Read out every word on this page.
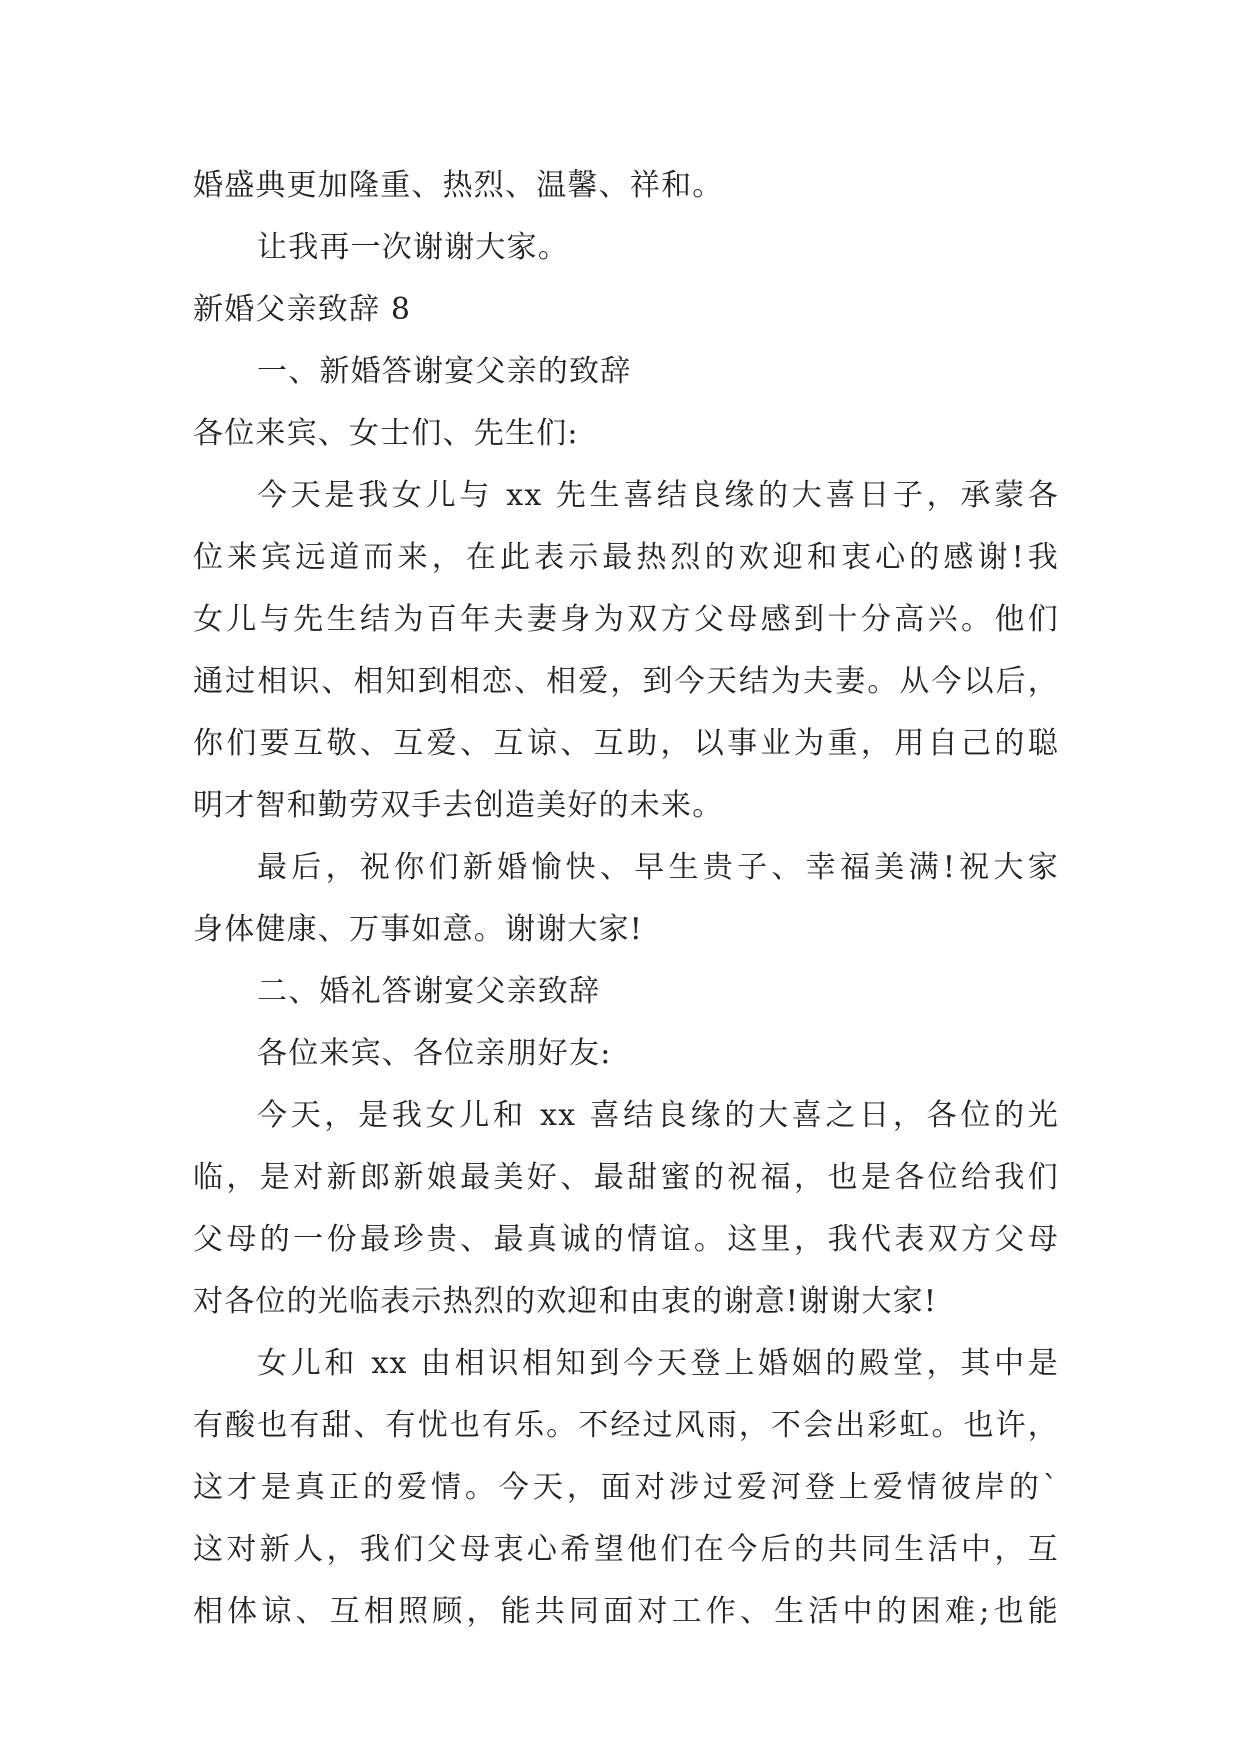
婚盛典更加隆重、热烈、温馨、祥和。

让我再一次谢谢大家。

新婚父亲致辞 8

一、新婚答谢宴父亲的致辞

各位来宾、女士们、先生们:

今天是我女儿与 xx 先生喜结良缘的大喜日子，承蒙各

位来宾远道而来，在此表示最热烈的欢迎和衷心的感谢!我

女儿与先生结为百年夫妻身为双方父母感到十分高兴。他们

通过相识、相知到相恋、相爱，到今天结为夫妻。从今以后，

你们要互敬、互爱、互谅、互助，以事业为重，用自己的聪

明才智和勤劳双手去创造美好的未来。

最后，祝你们新婚愉快、早生贵子、幸福美满!祝大家

身体健康、万事如意。谢谢大家!

二、婚礼答谢宴父亲致辞

各位来宾、各位亲朋好友:

今天，是我女儿和 xx 喜结良缘的大喜之日，各位的光

临，是对新郎新娘最美好、最甜蜜的祝福，也是各位给我们

父母的一份最珍贵、最真诚的情谊。这里，我代表双方父母

对各位的光临表示热烈的欢迎和由衷的谢意!谢谢大家!

女儿和 xx 由相识相知到今天登上婚姻的殿堂，其中是

有酸也有甜、有忧也有乐。不经过风雨，不会出彩虹。也许，

这才是真正的爱情。今天，面对涉过爱河登上爱情彼岸的`

这对新人，我们父母衷心希望他们在今后的共同生活中，互

相体谅、互相照顾，能共同面对工作、生活中的困难;也能
